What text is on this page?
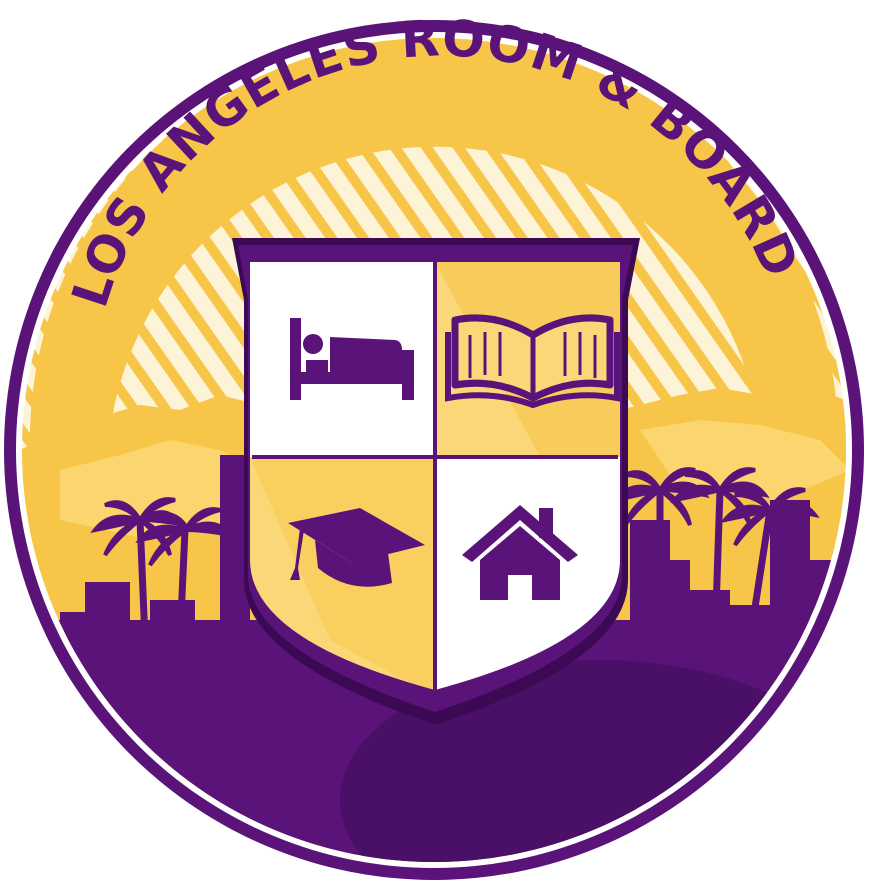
LOS ANGELES ROOM & BOARD
